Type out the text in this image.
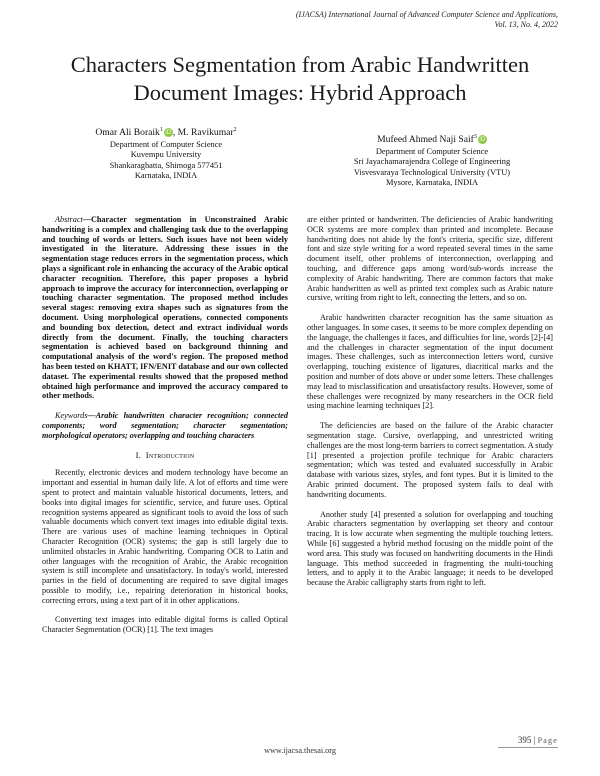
(IJACSA) International Journal of Advanced Computer Science and Applications,
Vol. 13, No. 4, 2022
Characters Segmentation from Arabic Handwritten
Document Images: Hybrid Approach
Omar Ali Boraik$^1$ iD, M. Ravikumar$^2$
Department of Computer Science
Kuvempu University
Shankaraghatta, Shimoga 577451
Karnataka, INDIA
Mufeed Ahmed Naji Saif$^3$ iD
Department of Computer Science
Sri Jayachamarajendra College of Engineering
Visvesvaraya Technological University (VTU)
Mysore, Karnataka, INDIA

Abstract—Character segmentation in Unconstrained Arabic handwriting is a complex and challenging task due to the overlapping and touching of words or letters. Such issues have not been widely investigated in the literature. Addressing these issues in the segmentation stage reduces errors in the segmentation process, which plays a significant role in enhancing the accuracy of the Arabic optical character recognition. Therefore, this paper proposes a hybrid approach to improve the accuracy for interconnection, overlapping or touching character segmentation. The proposed method includes several stages: removing extra shapes such as signatures from the document. Using morphological operations, connected components and bounding box detection, detect and extract individual words directly from the document. Finally, the touching characters segmentation is achieved based on background thinning and computational analysis of the word's region. The proposed method has been tested on KHATT, IFN/ENIT database and our own collected dataset. The experimental results showed that the proposed method obtained high performance and improved the accuracy compared to other methods.

Keywords—Arabic handwritten character recognition; connected components; word segmentation; character segmentation; morphological operators; overlapping and touching characters

I. Introduction

Recently, electronic devices and modern technology have become an important and essential in human daily life. A lot of efforts and time were spent to protect and maintain valuable historical documents, letters, and books into digital images for scientific, service, and future uses. Optical recognition systems appeared as significant tools to avoid the loss of such valuable documents which convert text images into editable digital texts. There are various uses of machine learning techniques in Optical Character Recognition (OCR) systems; the gap is still largely due to unlimited obstacles in Arabic handwriting. Comparing OCR to Latin and other languages with the recognition of Arabic, the Arabic recognition system is still incomplete and unsatisfactory. In today's world, interested parties in the field of documenting are required to save digital images possible to modify, i.e., repairing deterioration in historical books, correcting errors, using a text part of it in other applications.

Converting text images into editable digital forms is called Optical Character Segmentation (OCR) [1]. The text images

are either printed or handwritten. The deficiencies of Arabic handwriting OCR systems are more complex than printed and incomplete. Because handwriting does not abide by the font's criteria, specific size, different font and size style writing for a word repeated several times in the same document itself, other problems of interconnection, overlapping and touching, and difference gaps among word/sub-words increase the complexity of Arabic handwriting. There are common factors that make Arabic handwritten as well as printed text complex such as Arabic nature cursive, writing from right to left, connecting the letters, and so on.

Arabic handwritten character recognition has the same situation as other languages. In some cases, it seems to be more complex depending on the language, the challenges it faces, and difficulties for line, words [2]-[4] and the challenges in character segmentation of the input document images. These challenges, such as interconnection letters word, cursive overlapping, touching existence of ligatures, diacritical marks and the position and number of dots above or under some letters. These challenges may lead to misclassification and unsatisfactory results. However, some of these challenges were recognized by many researchers in the OCR field using machine learning techniques [2].

The deficiencies are based on the failure of the Arabic character segmentation stage. Cursive, overlapping, and unrestricted writing challenges are the most long-term barriers to correct segmentation. A study [1] presented a projection profile technique for Arabic characters segmentation; which was tested and evaluated successfully in Arabic database with various sizes, styles, and font types. But it is limited to the Arabic printed document. The proposed system fails to deal with handwriting documents.

Another study [4] presented a solution for overlapping and touching Arabic characters segmentation by overlapping set theory and contour tracing. It is low accurate when segmenting the multiple touching letters. While [6] suggested a hybrid method focusing on the middle point of the word area. This study was focused on handwriting documents in the Hindi language. This method succeeded in fragmenting the multi-touching letters, and to apply it to the Arabic language; it needs to be developed because the Arabic calligraphy starts from right to left.

395 | Page
www.ijacsa.thesai.org
